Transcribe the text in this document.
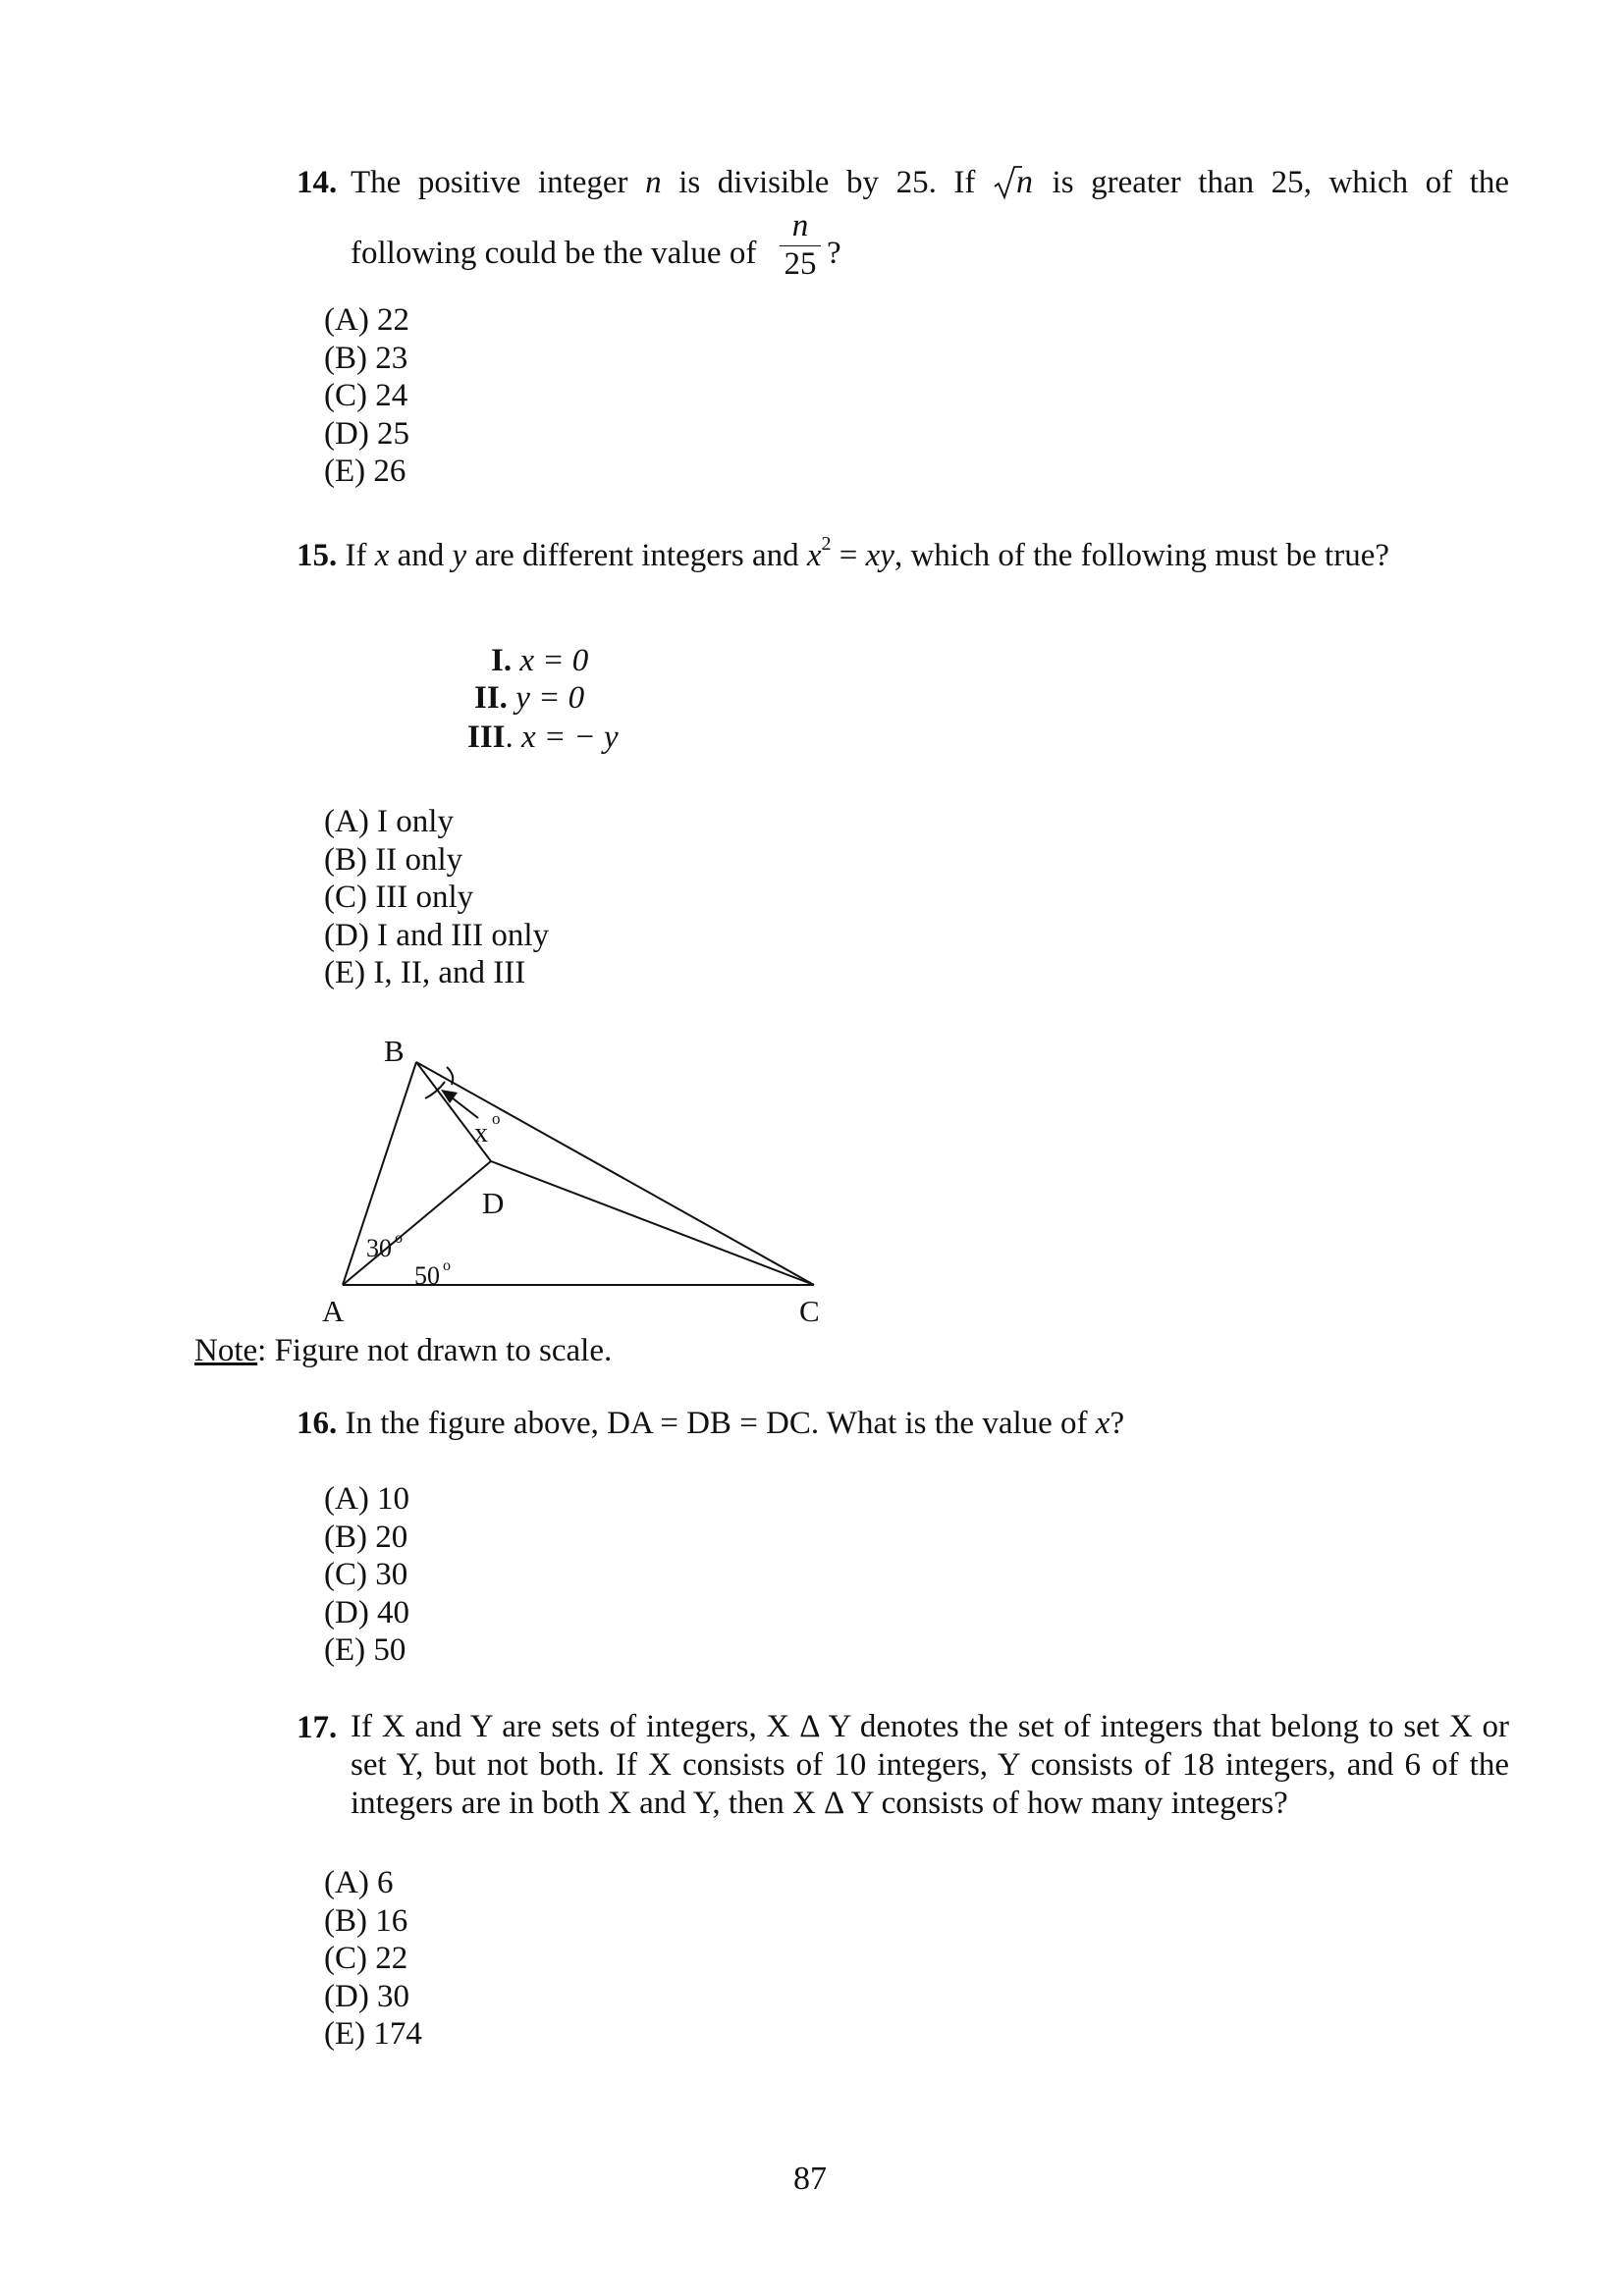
14. The positive integer n is divisible by 25. If n is greater than 25, which of the
following could be the value of
n
25 ?
(A) 22
(B) 23
(C) 24
(D) 25
(E) 26
15. If x and y are different integers and $x^2$ = xy, which of the following must be true?
I. x = 0
II. y = 0
III. x = − y
(A) I only
(B) II only
(C) III only
(D) I and III only
(E) I, II, and III
B
A	C
D
x o
30 o
50 o
Note: Figure not drawn to scale.
16. In the figure above, DA = DB = DC. What is the value of x?
(A) 10
(B) 20
(C) 30
(D) 40
(E) 50
17. If X and Y are sets of integers, X Δ Y denotes the set of integers that belong to set X or
set Y, but not both. If X consists of 10 integers, Y consists of 18 integers, and 6 of the
integers are in both X and Y, then X Δ Y consists of how many integers?
(A) 6
(B) 16
(C) 22
(D) 30
(E) 174
87
